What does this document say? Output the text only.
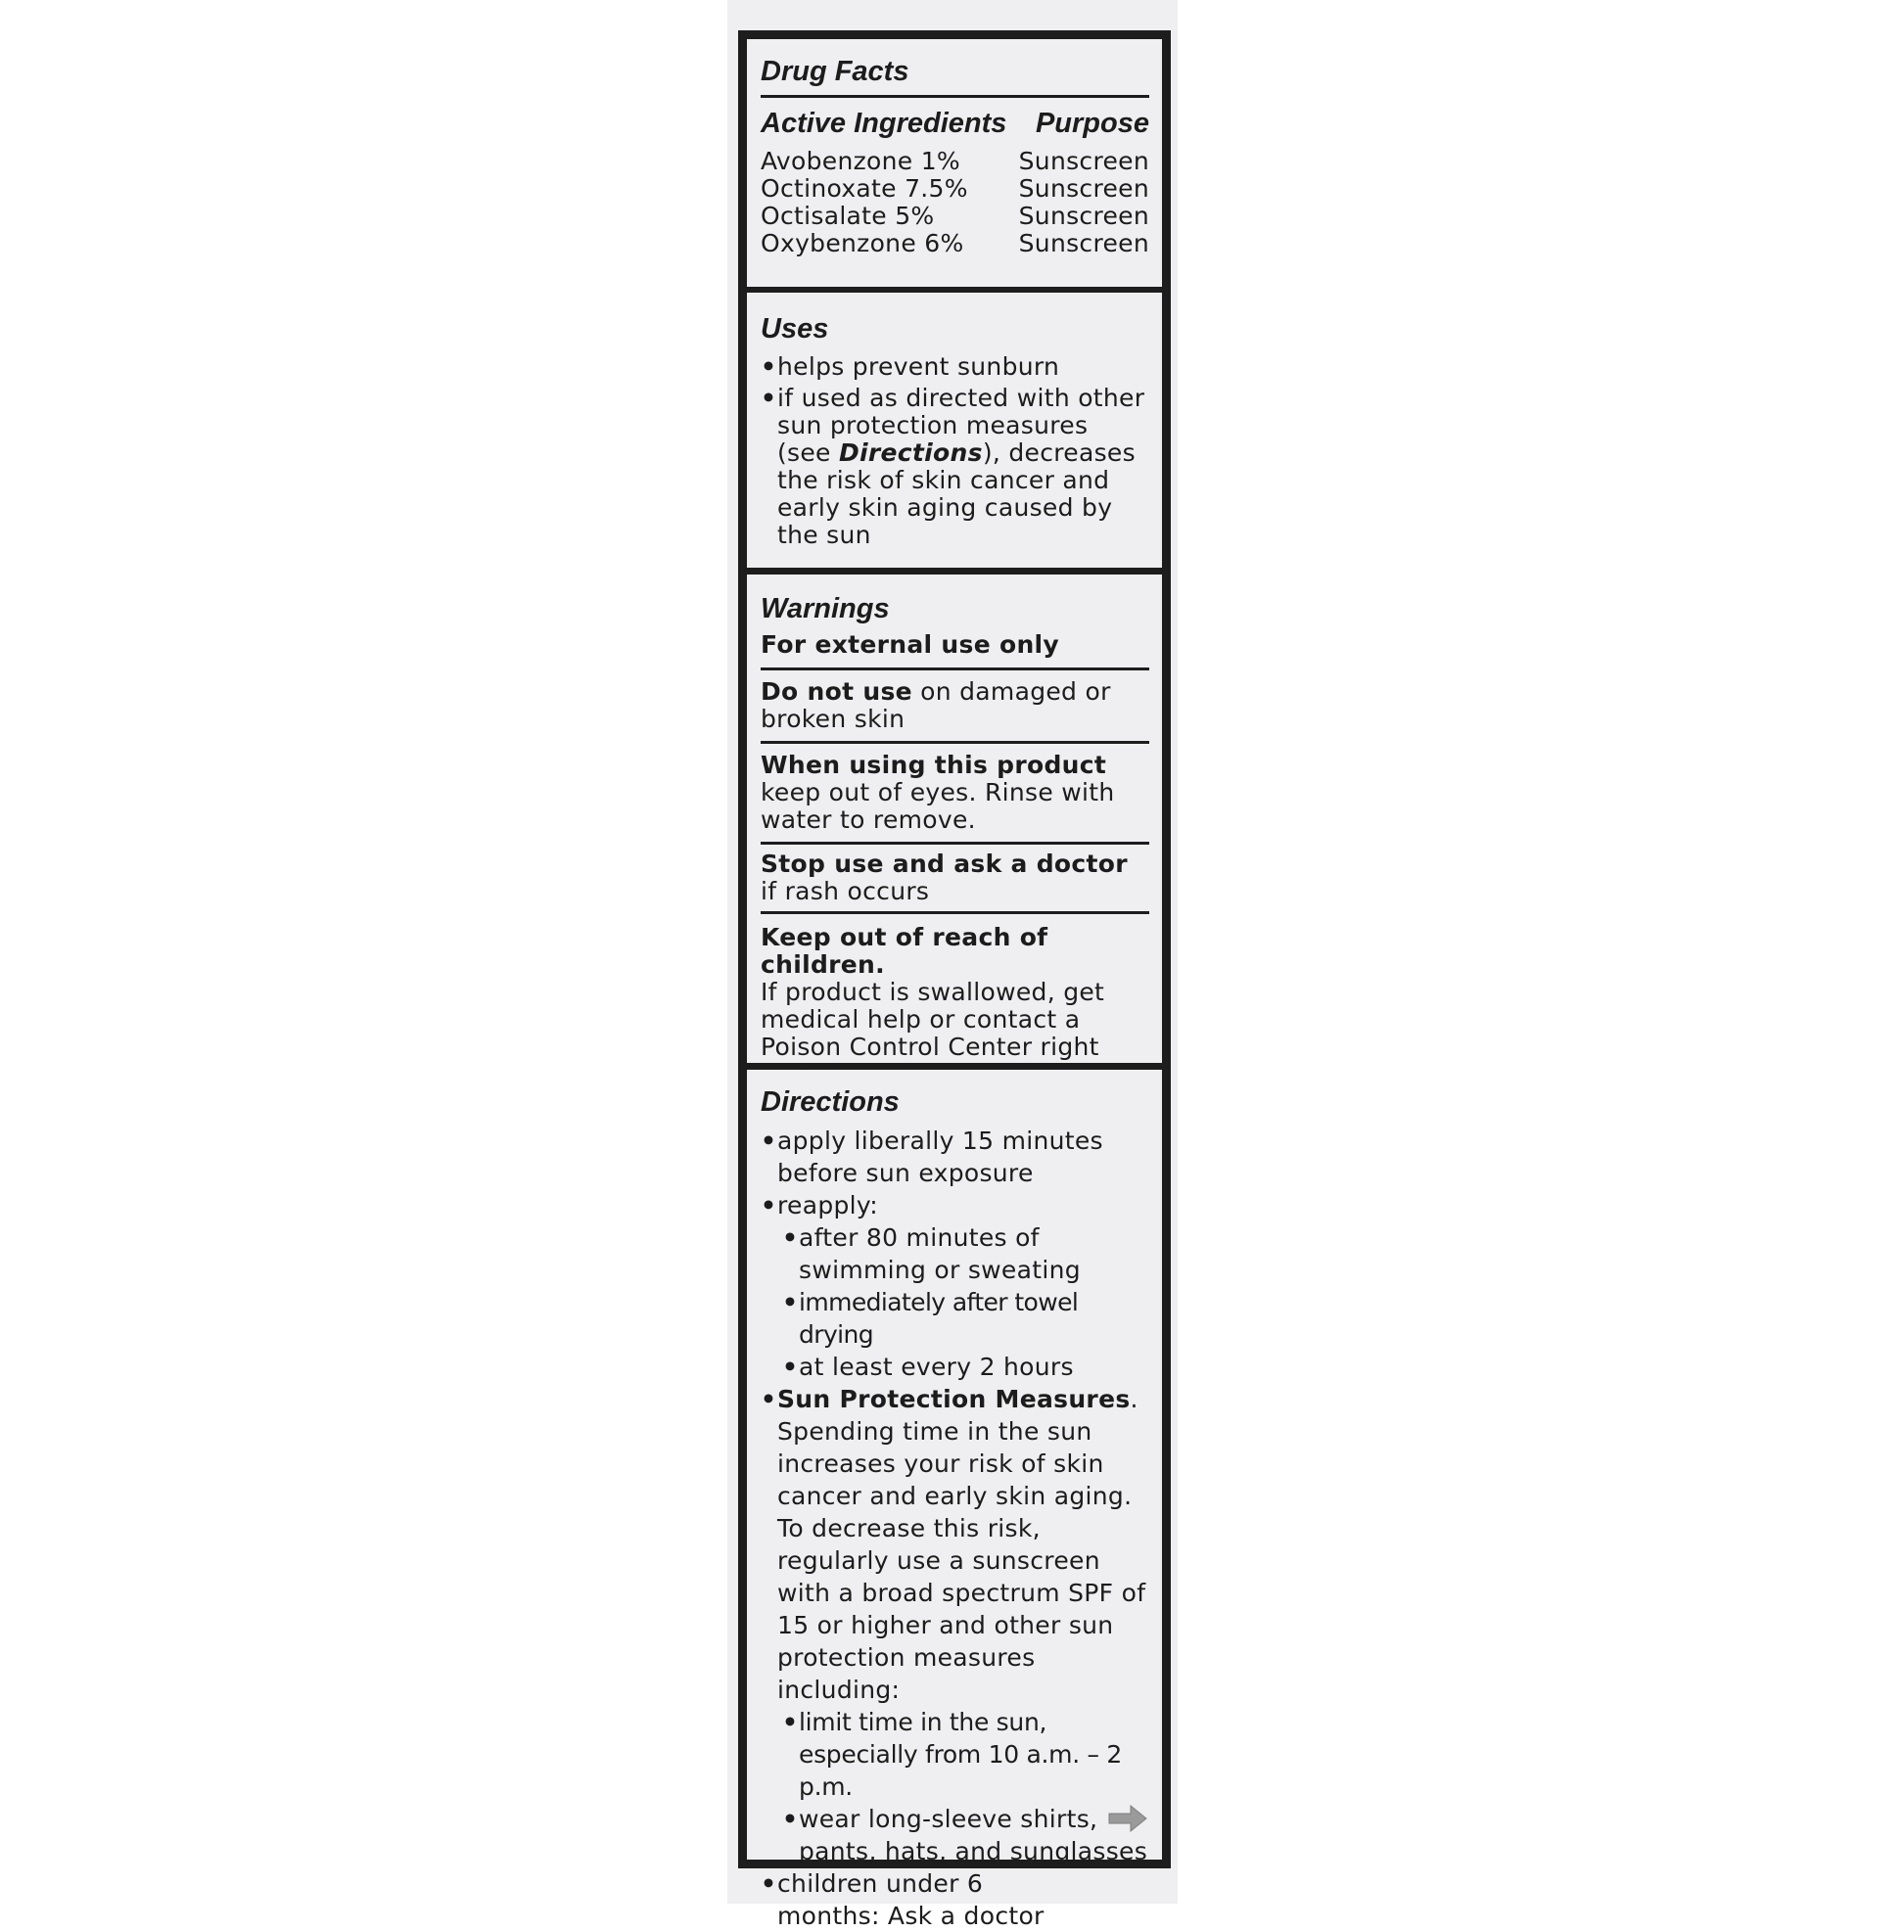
Drug Facts
Active Ingredients Purpose
Avobenzone 1% Sunscreen
Octinoxate 7.5% Sunscreen
Octisalate 5%	Sunscreen
Oxybenzone 6% Sunscreen
Uses
• helps prevent sunburn
• if used as directed with other sun protection measures (see Directions), decreases the risk of skin cancer and early skin aging caused by the sun
Warnings
For external use only
Do not use on damaged or broken skin
When using this product keep out of eyes. Rinse with water to remove.
Stop use and ask a doctor
if rash occurs
Keep out of reach of children.
If product is swallowed, get medical help or contact a Poison Control Center right
Directions
• apply liberally 15 minutes before sun exposure
• reapply:
• after 80 minutes of swimming or sweating
• immediately after towel drying
• at least every 2 hours
• Sun Protection Measures. Spending time in the sun increases your risk of skin cancer and early skin aging. To decrease this risk, regularly use a sunscreen with a broad spectrum SPF of 15 or higher and other sun protection measures including:
• limit time in the sun, especially from 10 a.m. – 2 p.m.
• wear long-sleeve shirts, pants, hats, and sunglasses
• children under 6 months: Ask a doctor
